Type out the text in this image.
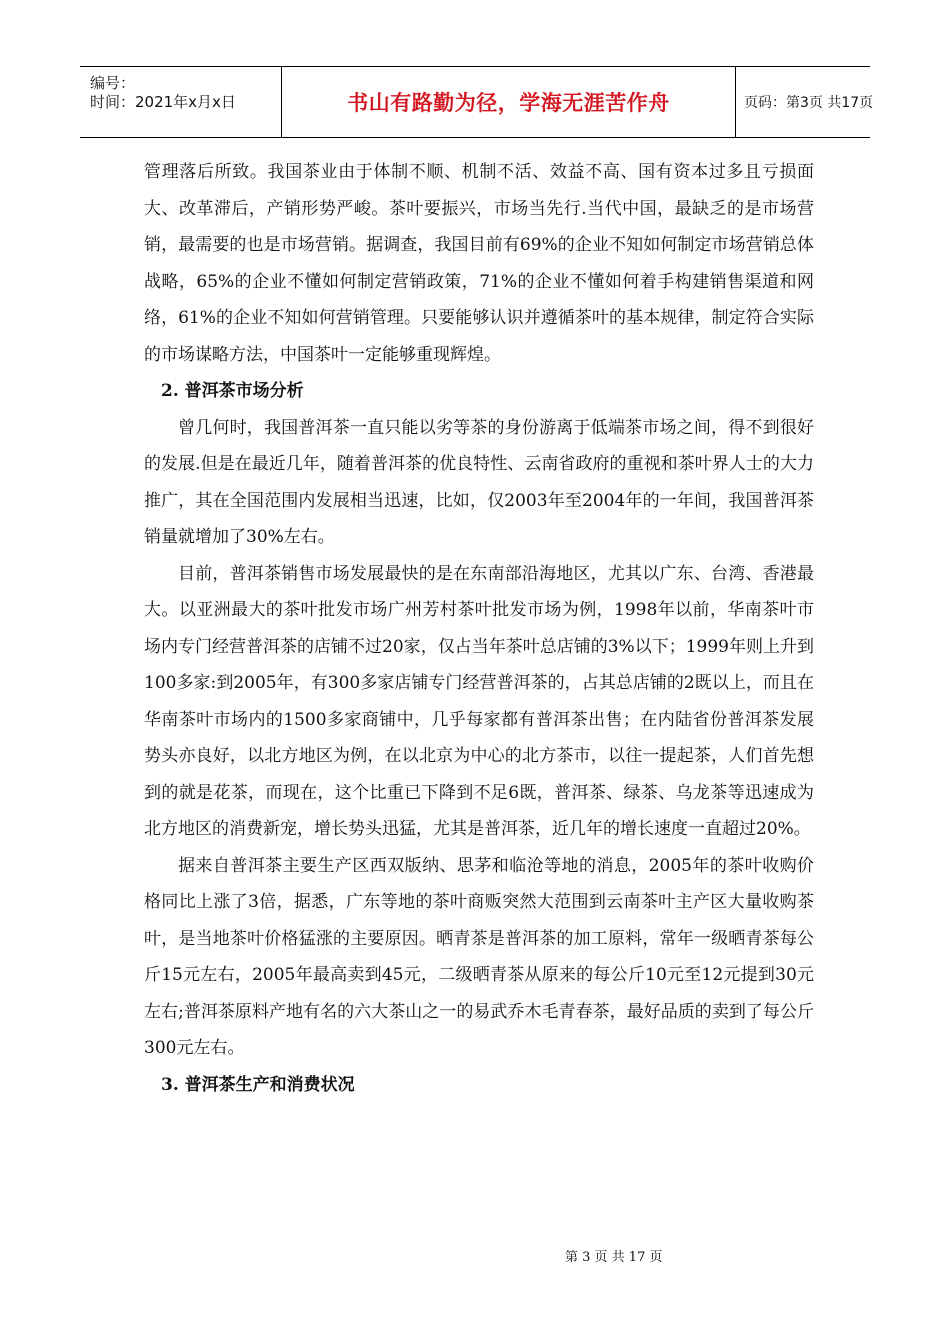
编号：
时间：2021年x月x日	书山有路勤为径，学海无涯苦作舟	页码：第3页 共17页

管理落后所致。我国茶业由于体制不顺、机制不活、效益不高、国有资本过多且亏损面大、改革滞后，产销形势严峻。茶叶要振兴，市场当先行.当代中国，最缺乏的是市场营销，最需要的也是市场营销。据调查，我国目前有69%的企业不知如何制定市场营销总体战略，65%的企业不懂如何制定营销政策，71%的企业不懂如何着手构建销售渠道和网络，61%的企业不知如何营销管理。只要能够认识并遵循茶叶的基本规律，制定符合实际的市场谋略方法，中国茶叶一定能够重现辉煌。

2. 普洱茶市场分析

曾几何时，我国普洱茶一直只能以劣等茶的身份游离于低端茶市场之间，得不到很好的发展.但是在最近几年，随着普洱茶的优良特性、云南省政府的重视和茶叶界人士的大力推广，其在全国范围内发展相当迅速，比如，仅2003年至2004年的一年间，我国普洱茶销量就增加了30%左右。

目前，普洱茶销售市场发展最快的是在东南部沿海地区，尤其以广东、台湾、香港最大。以亚洲最大的茶叶批发市场广州芳村茶叶批发市场为例，1998年以前，华南茶叶市场内专门经营普洱茶的店铺不过20家，仅占当年茶叶总店铺的3%以下；1999年则上升到100多家:到2005年，有300多家店铺专门经营普洱茶的，占其总店铺的2既以上，而且在华南茶叶市场内的1500多家商铺中，几乎每家都有普洱茶出售；在内陆省份普洱茶发展势头亦良好，以北方地区为例，在以北京为中心的北方茶市，以往一提起茶，人们首先想到的就是花茶，而现在，这个比重已下降到不足6既，普洱茶、绿茶、乌龙茶等迅速成为北方地区的消费新宠，增长势头迅猛，尤其是普洱茶，近几年的增长速度一直超过20%。

据来自普洱茶主要生产区西双版纳、思茅和临沧等地的消息，2005年的茶叶收购价格同比上涨了3倍，据悉，广东等地的茶叶商贩突然大范围到云南茶叶主产区大量收购茶叶，是当地茶叶价格猛涨的主要原因。晒青茶是普洱茶的加工原料，常年一级晒青茶每公斤15元左右，2005年最高卖到45元，二级晒青茶从原来的每公斤10元至12元提到30元左右;普洱茶原料产地有名的六大茶山之一的易武乔木毛青春茶，最好品质的卖到了每公斤300元左右。

3. 普洱茶生产和消费状况
第 3 页 共 17 页
